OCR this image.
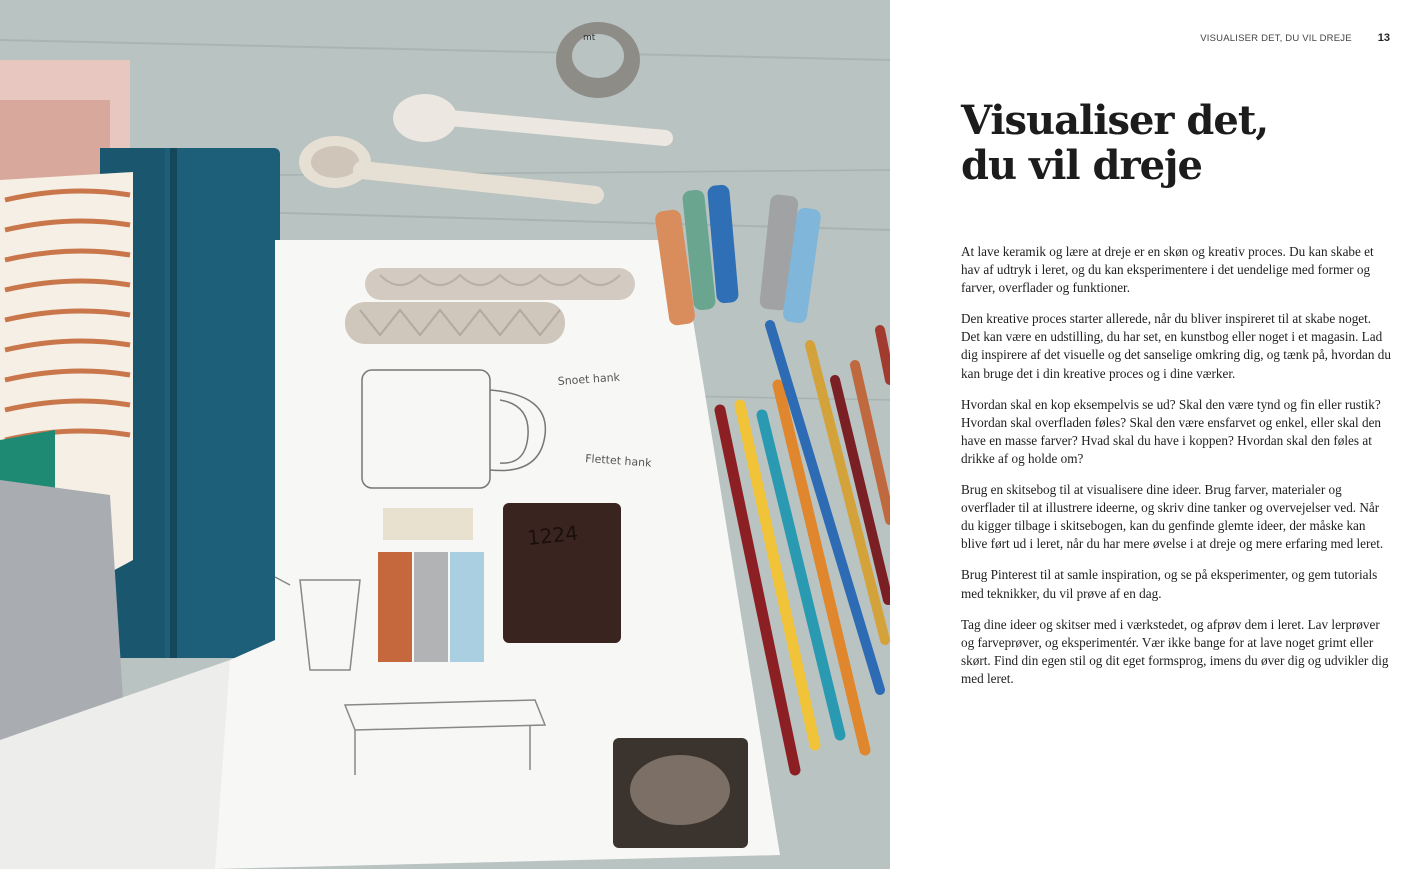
Snoet hank
Flettet hank
1224
mt	VISUALISER DET, DU VIL DREJE 13
Visualiser det,
du vil dreje

At lave keramik og lære at dreje er en skøn og kreativ proces. Du kan skabe et hav af udtryk i leret, og du kan eksperimentere i det uendelige med former og farver, overflader og funktioner.

Den kreative proces starter allerede, når du bliver inspireret til at skabe noget. Det kan være en udstilling, du har set, en kunstbog eller noget i et magasin. Lad dig inspirere af det visuelle og det sanselige omkring dig, og tænk på, hvordan du kan bruge det i din kreative proces og i dine værker.

Hvordan skal en kop eksempelvis se ud? Skal den være tynd og fin eller rustik? Hvordan skal overfladen føles? Skal den være ensfarvet og enkel, eller skal den have en masse farver? Hvad skal du have i koppen? Hvordan skal den føles at drikke af og holde om?

Brug en skitsebog til at visualisere dine ideer. Brug farver, materialer og overflader til at illustrere ideerne, og skriv dine tanker og overvejelser ved. Når du kigger tilbage i skitsebogen, kan du genfinde glemte ideer, der måske kan blive ført ud i leret, når du har mere øvelse i at dreje og mere erfaring med leret.

Brug Pinterest til at samle inspiration, og se på eksperimenter, og gem tutorials med teknikker, du vil prøve af en dag.

Tag dine ideer og skitser med i værkstedet, og afprøv dem i leret. Lav lerprøver og farveprøver, og eksperimentér. Vær ikke bange for at lave noget grimt eller skørt. Find din egen stil og dit eget formsprog, imens du øver dig og udvikler dig med leret.
